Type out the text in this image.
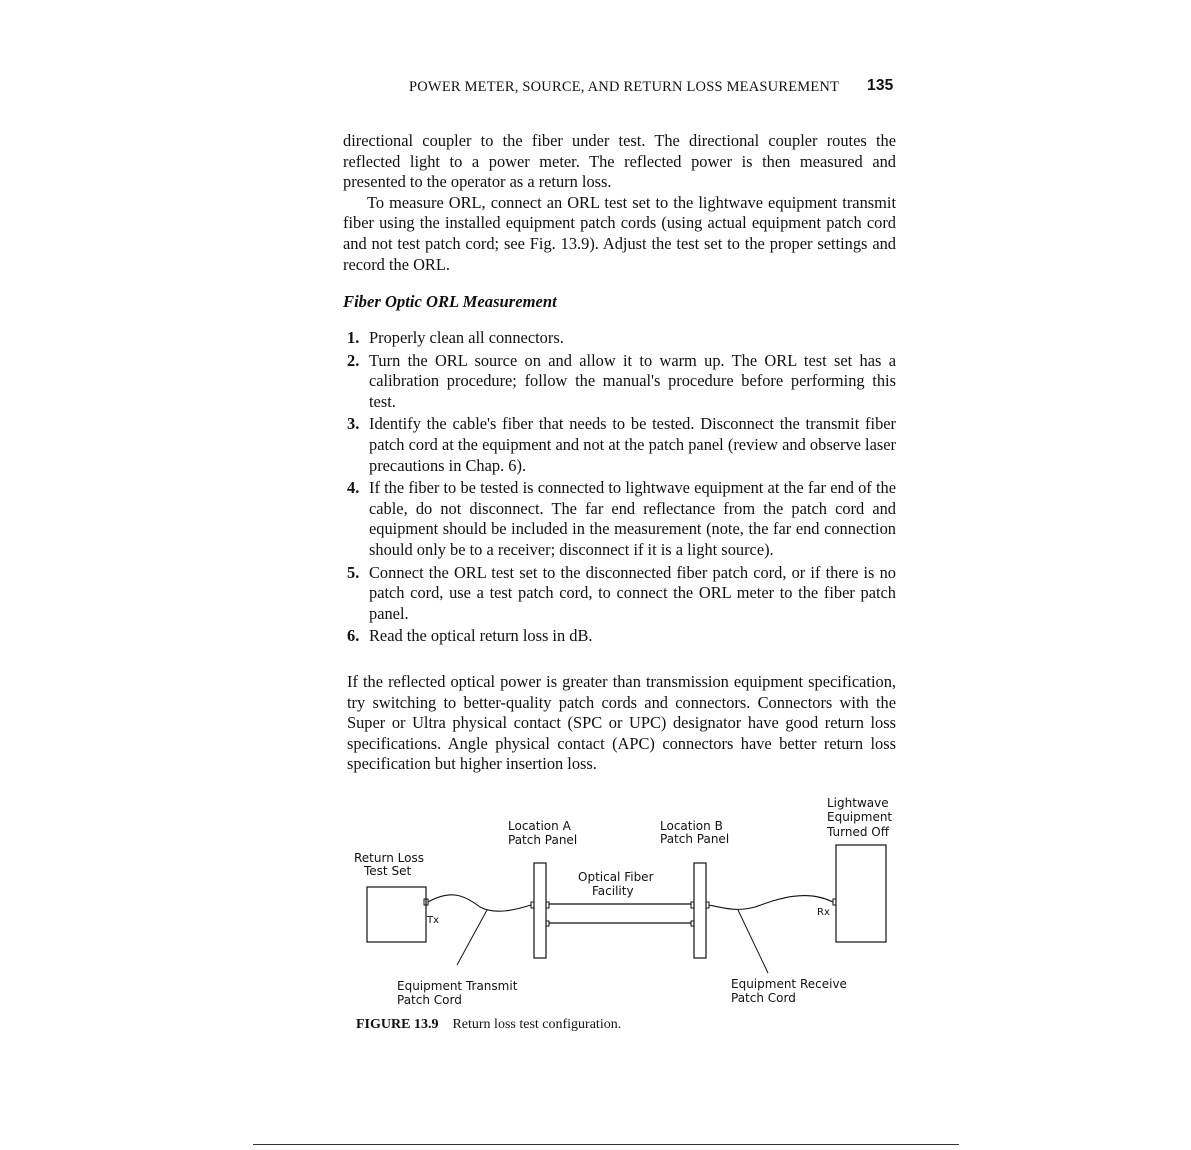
POWER METER, SOURCE, AND RETURN LOSS MEASUREMENT 135

directional coupler to the fiber under test. The directional coupler routes the reflected light to a power meter. The reflected power is then measured and presented to the operator as a return loss.

To measure ORL, connect an ORL test set to the lightwave equipment transmit fiber using the installed equipment patch cords (using actual equipment patch cord and not test patch cord; see Fig. 13.9). Adjust the test set to the proper settings and record the ORL.

Fiber Optic ORL Measurement
1. Properly clean all connectors.
2. Turn the ORL source on and allow it to warm up. The ORL test set has a calibration procedure; follow the manual's procedure before performing this test.
3. Identify the cable's fiber that needs to be tested. Disconnect the transmit fiber patch cord at the equipment and not at the patch panel (review and observe laser precautions in Chap. 6).
4. If the fiber to be tested is connected to lightwave equipment at the far end of the cable, do not disconnect. The far end reflectance from the patch cord and equipment should be included in the measurement (note, the far end connection should only be to a receiver; disconnect if it is a light source).
5. Connect the ORL test set to the disconnected fiber patch cord, or if there is no patch cord, use a test patch cord, to connect the ORL meter to the fiber patch panel.
6. Read the optical return loss in dB.

If the reflected optical power is greater than transmission equipment specification, try switching to better-quality patch cords and connectors. Connectors with the Super or Ultra physical contact (SPC or UPC) designator have good return loss specifications. Angle physical contact (APC) connectors have better return loss specification but higher insertion loss.

Lightwave
Equipment
Turned Off
Location A
Patch Panel
Location B
Patch Panel
Return Loss
Test Set	Optical Fiber
Facility
Tx
Rx
Equipment Transmit
Patch Cord
Equipment Receive
Patch Cord
FIGURE 13.9 Return loss test configuration.
